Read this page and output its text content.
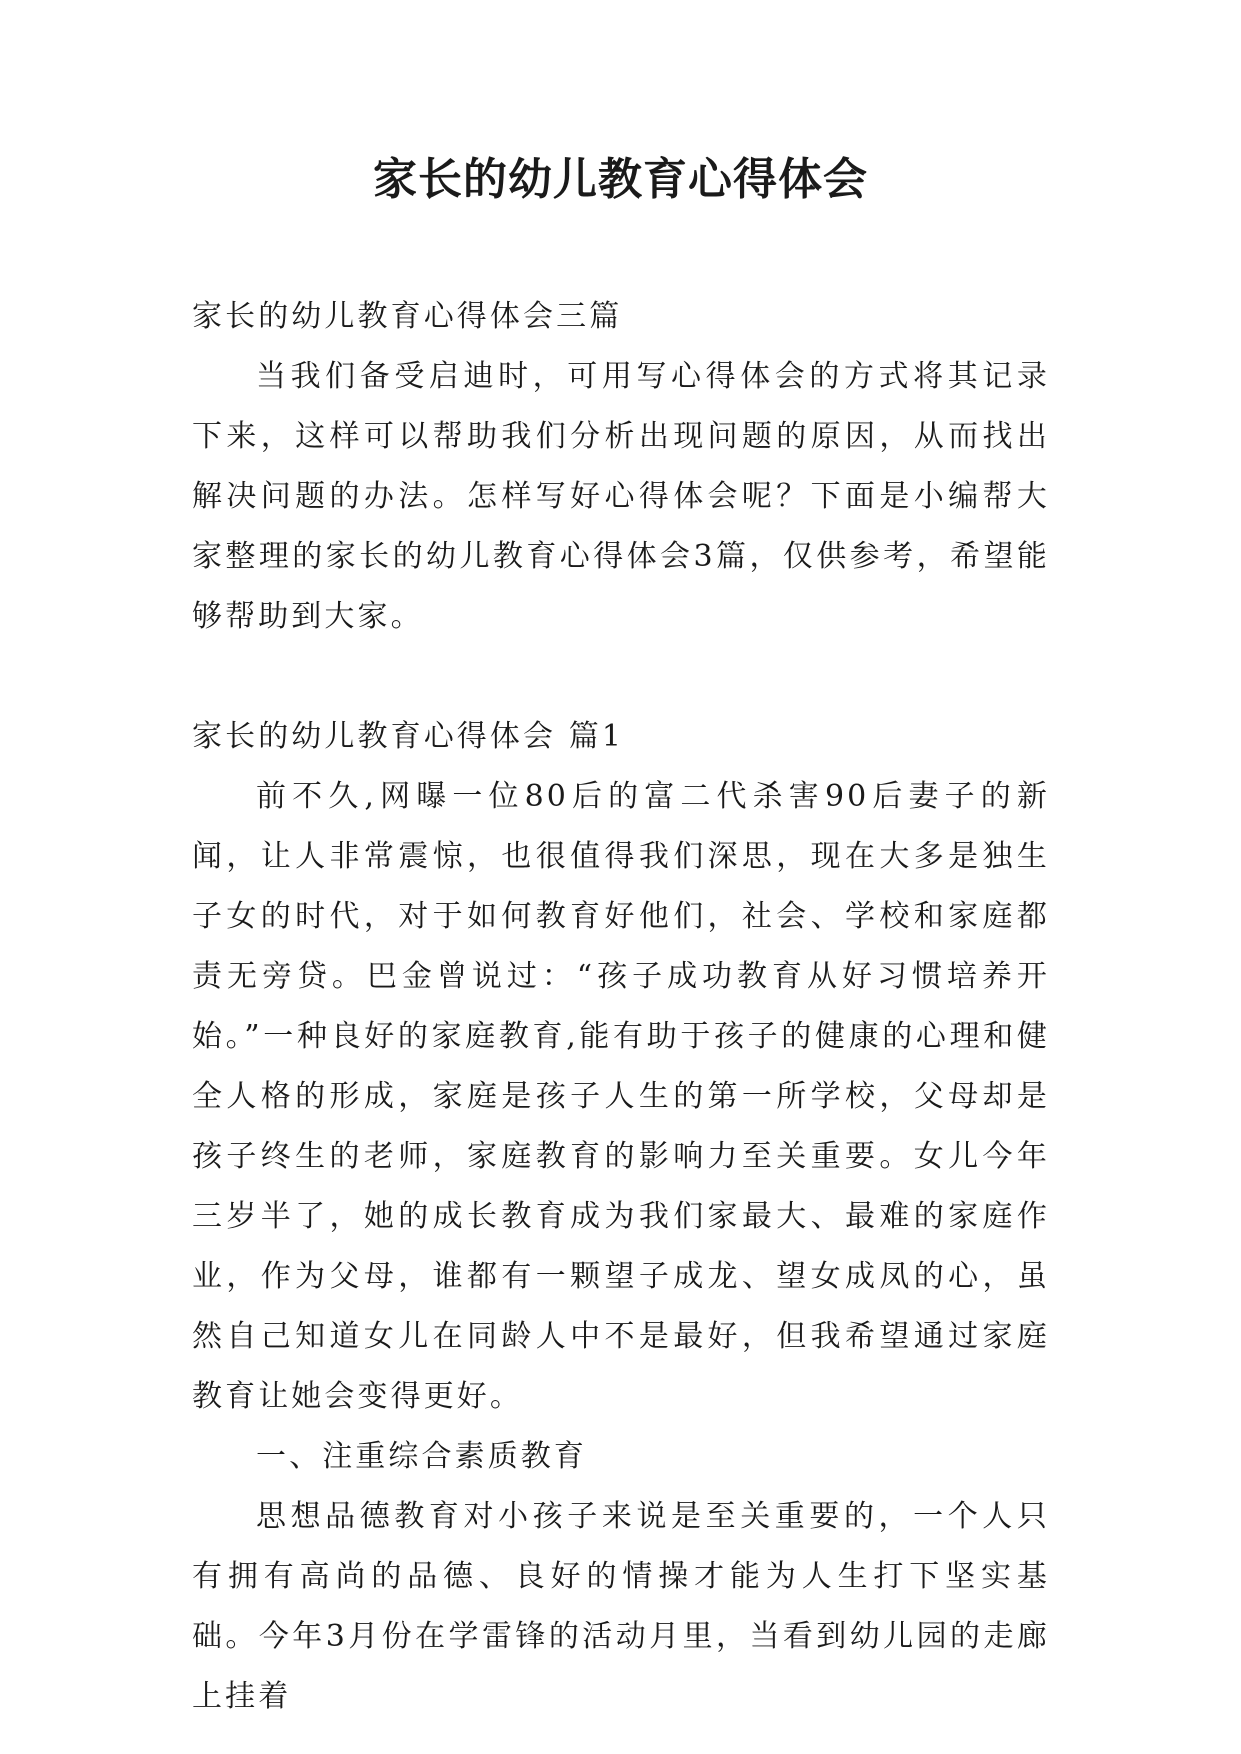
家长的幼儿教育心得体会

家长的幼儿教育心得体会三篇

当我们备受启迪时，可用写心得体会的方式将其记录下来，这样可以帮助我们分析出现问题的原因，从而找出解决问题的办法。怎样写好心得体会呢？下面是小编帮大家整理的家长的幼儿教育心得体会3篇，仅供参考，希望能够帮助到大家。

家长的幼儿教育心得体会 篇1

前不久,网曝一位80后的富二代杀害90后妻子的新闻，让人非常震惊，也很值得我们深思，现在大多是独生子女的时代，对于如何教育好他们，社会、学校和家庭都责无旁贷。巴金曾说过：“孩子成功教育从好习惯培养开始。”一种良好的家庭教育,能有助于孩子的健康的心理和健全人格的形成，家庭是孩子人生的第一所学校，父母却是孩子终生的老师，家庭教育的影响力至关重要。女儿今年三岁半了，她的成长教育成为我们家最大、最难的家庭作业，作为父母，谁都有一颗望子成龙、望女成凤的心，虽然自己知道女儿在同龄人中不是最好，但我希望通过家庭教育让她会变得更好。

一、注重综合素质教育

思想品德教育对小孩子来说是至关重要的，一个人只有拥有高尚的品德、良好的情操才能为人生打下坚实基础。今年3月份在学雷锋的活动月里，当看到幼儿园的走廊上挂着
